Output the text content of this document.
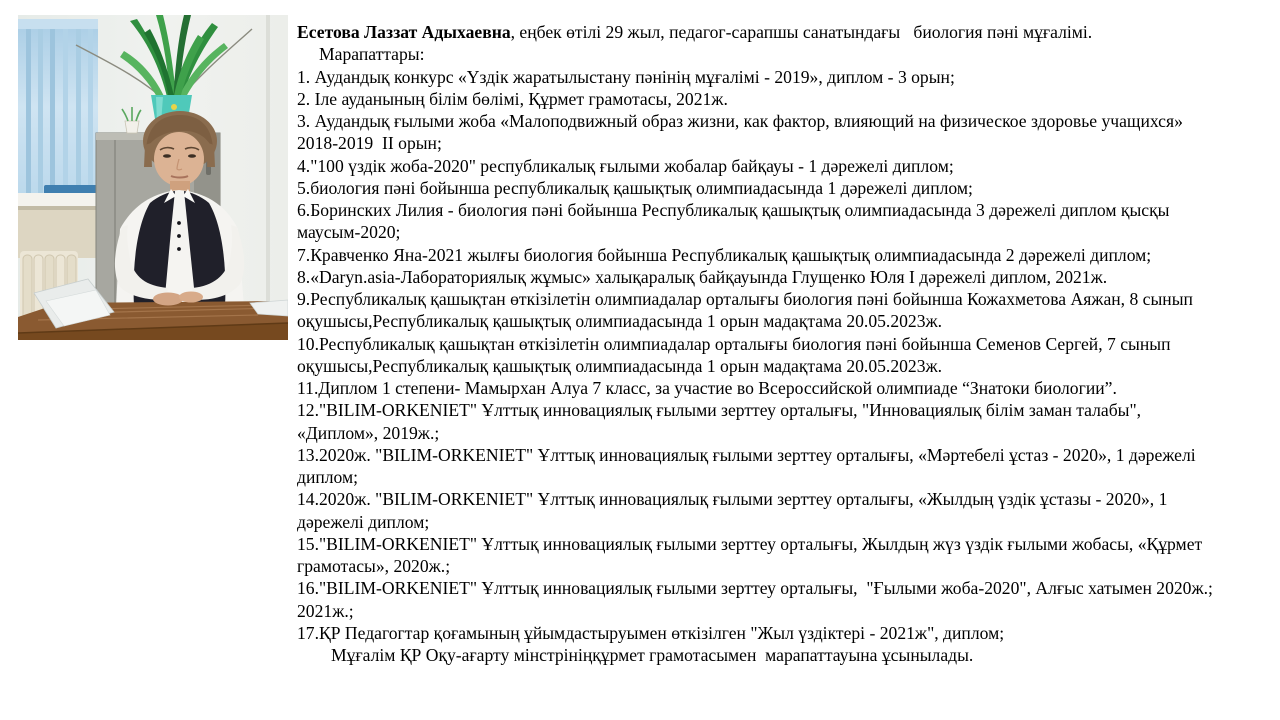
Есетова Лаззат Адыхаевна, еңбек өтілі 29 жыл, педагог-сарапшы санатындағы   биология пәні мұғалімі.

Марапаттары:

1. Аудандық конкурс «Үздік жаратылыстану пәнінің мұғалімі - 2019», диплом - 3 орын;

2. Іле ауданының білім бөлімі, Құрмет грамотасы, 2021ж.

3. Аудандық ғылыми жоба «Малоподвижный образ жизни, как фактор, влияющий на физическое здоровье учащихся» 2018-2019  II орын;

4."100 үздік жоба-2020" республикалық ғылыми жобалар байқауы - 1 дәрежелі диплом;

5.биология пәні бойынша республикалық қашықтық олимпиадасында 1 дәрежелі диплом;

6.Боринских Лилия - биология пәні бойынша Республикалық қашықтық олимпиадасында 3 дәрежелі диплом қысқы маусым-2020;

7.Кравченко Яна-2021 жылғы биология бойынша Республикалық қашықтық олимпиадасында 2 дәрежелі диплом;

8.«Daryn.asia-Лабораториялық жұмыс» халықаралық байқауында Глущенко Юля I дәрежелі диплом, 2021ж.

9.Республикалық қашықтан өткізілетін олимпиадалар орталығы биология пәні бойынша Кожахметова Аяжан, 8 сынып оқушысы,Республикалық қашықтық олимпиадасында 1 орын мадақтама 20.05.2023ж.

10.Республикалық қашықтан өткізілетін олимпиадалар орталығы биология пәні бойынша Семенов Сергей, 7 сынып оқушысы,Республикалық қашықтық олимпиадасында 1 орын мадақтама 20.05.2023ж.

11.Диплом 1 степени- Мамырхан Алуа 7 класс, за участие во Всероссийской олимпиаде “Знатоки биологии”.

12."BILIM-ORKENIET" Ұлттық инновациялық ғылыми зерттеу орталығы, "Инновациялық білім заман талабы", «Диплом», 2019ж.;

13.2020ж. "BILIM-ORKENIET" Ұлттық инновациялық ғылыми зерттеу орталығы, «Мәртебелі ұстаз - 2020», 1 дәрежелі диплом;

14.2020ж. "BILIM-ORKENIET" Ұлттық инновациялық ғылыми зерттеу орталығы, «Жылдың үздік ұстазы - 2020», 1 дәрежелі диплом;

15."BILIM-ORKENIET" Ұлттық инновациялық ғылыми зерттеу орталығы, Жылдың жүз үздік ғылыми жобасы, «Құрмет грамотасы», 2020ж.;

16."BILIM-ORKENIET" Ұлттық инновациялық ғылыми зерттеу орталығы,  "Ғылыми жоба-2020", Алғыс хатымен 2020ж.; 2021ж.;

17.ҚР Педагогтар қоғамының ұйымдастыруымен өткізілген "Жыл үздіктері - 2021ж", диплом;

Мұғалім ҚР Оқу-ағарту мінстрініңқұрмет грамотасымен  марапаттауына ұсынылады.
